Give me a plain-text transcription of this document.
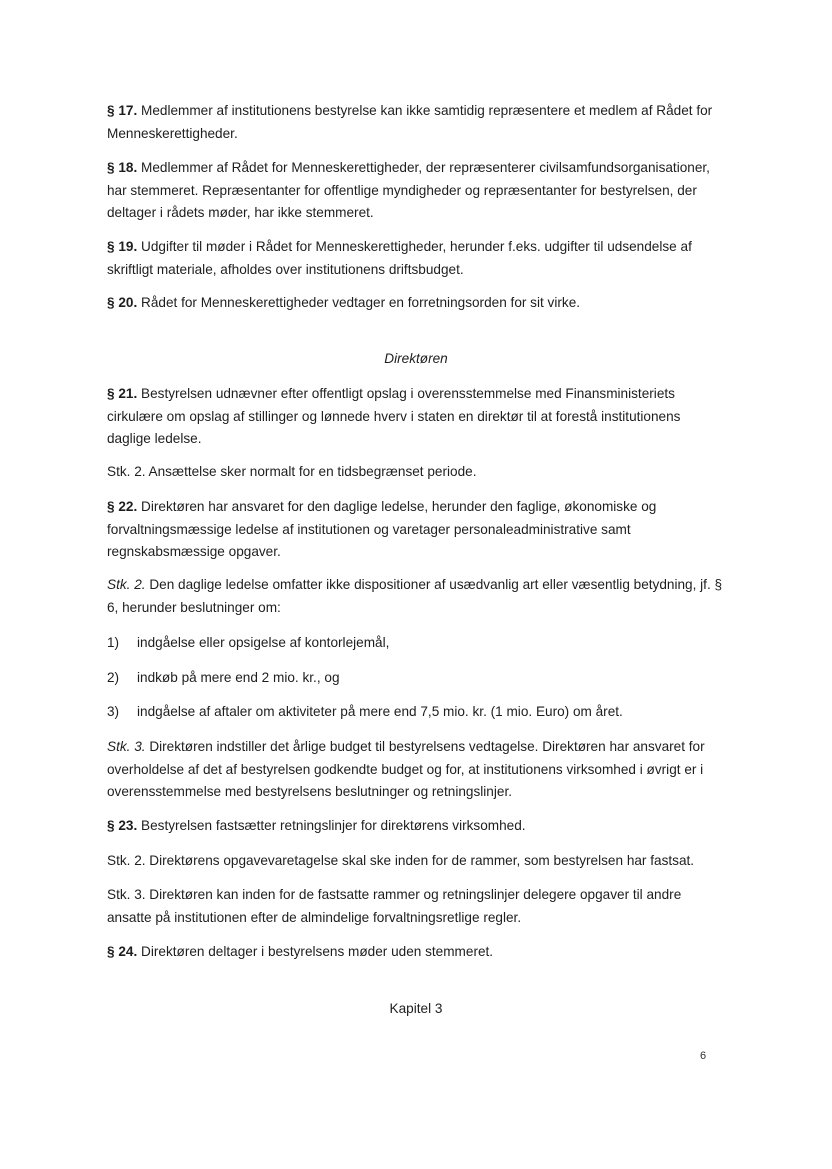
§ 17. Medlemmer af institutionens bestyrelse kan ikke samtidig repræsentere et medlem af Rådet for Menneskerettigheder.

§ 18. Medlemmer af Rådet for Menneskerettigheder, der repræsenterer civilsamfundsorganisationer, har stemmeret. Repræsentanter for offentlige myndigheder og repræsentanter for bestyrelsen, der deltager i rådets møder, har ikke stemmeret.

§ 19. Udgifter til møder i Rådet for Menneskerettigheder, herunder f.eks. udgifter til udsendelse af skriftligt materiale, afholdes over institutionens driftsbudget.

§ 20. Rådet for Menneskerettigheder vedtager en forretningsorden for sit virke.

Direktøren

§ 21. Bestyrelsen udnævner efter offentligt opslag i overensstemmelse med Finansministeriets cirkulære om opslag af stillinger og lønnede hverv i staten en direktør til at forestå institutionens daglige ledelse.

Stk. 2. Ansættelse sker normalt for en tidsbegrænset periode.

§ 22. Direktøren har ansvaret for den daglige ledelse, herunder den faglige, økonomiske og forvaltningsmæssige ledelse af institutionen og varetager personaleadministrative samt regnskabsmæssige opgaver.

Stk. 2. Den daglige ledelse omfatter ikke dispositioner af usædvanlig art eller væsentlig betydning, jf. § 6, herunder beslutninger om:

1) indgåelse eller opsigelse af kontorlejemål,

2) indkøb på mere end 2 mio. kr., og

3) indgåelse af aftaler om aktiviteter på mere end 7,5 mio. kr. (1 mio. Euro) om året.

Stk. 3. Direktøren indstiller det årlige budget til bestyrelsens vedtagelse. Direktøren har ansvaret for overholdelse af det af bestyrelsen godkendte budget og for, at institutionens virksomhed i øvrigt er i overensstemmelse med bestyrelsens beslutninger og retningslinjer.

§ 23. Bestyrelsen fastsætter retningslinjer for direktørens virksomhed.

Stk. 2. Direktørens opgavevaretagelse skal ske inden for de rammer, som bestyrelsen har fastsat.

Stk. 3. Direktøren kan inden for de fastsatte rammer og retningslinjer delegere opgaver til andre ansatte på institutionen efter de almindelige forvaltningsretlige regler.

§ 24. Direktøren deltager i bestyrelsens møder uden stemmeret.

Kapitel 3

6
